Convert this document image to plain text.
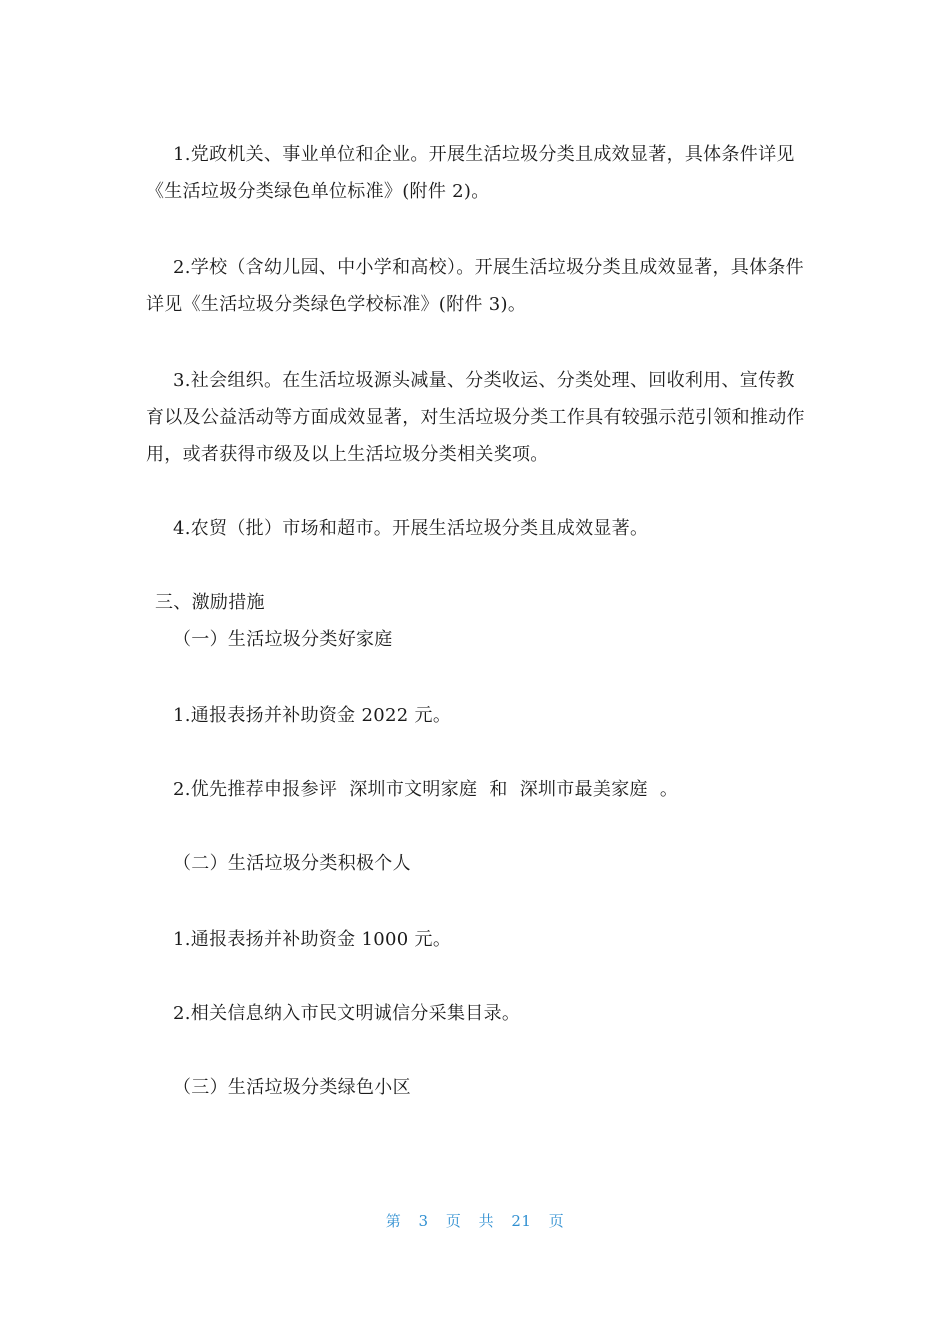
1.党政机关、事业单位和企业。开展生活垃圾分类且成效显著，具体条件详见《生活垃圾分类绿色单位标准》(附件 2)。
2.学校（含幼儿园、中小学和高校）。开展生活垃圾分类且成效显著，具体条件详见《生活垃圾分类绿色学校标准》(附件 3)。
3.社会组织。在生活垃圾源头减量、分类收运、分类处理、回收利用、宣传教育以及公益活动等方面成效显著，对生活垃圾分类工作具有较强示范引领和推动作用，或者获得市级及以上生活垃圾分类相关奖项。
4.农贸（批）市场和超市。开展生活垃圾分类且成效显著。
三、激励措施
（一）生活垃圾分类好家庭
1.通报表扬并补助资金 2022 元。
2.优先推荐申报参评  深圳市文明家庭  和  深圳市最美家庭  。
（二）生活垃圾分类积极个人
1.通报表扬并补助资金 1000 元。
2.相关信息纳入市民文明诚信分采集目录。
（三）生活垃圾分类绿色小区
第 3 页 共 21 页
